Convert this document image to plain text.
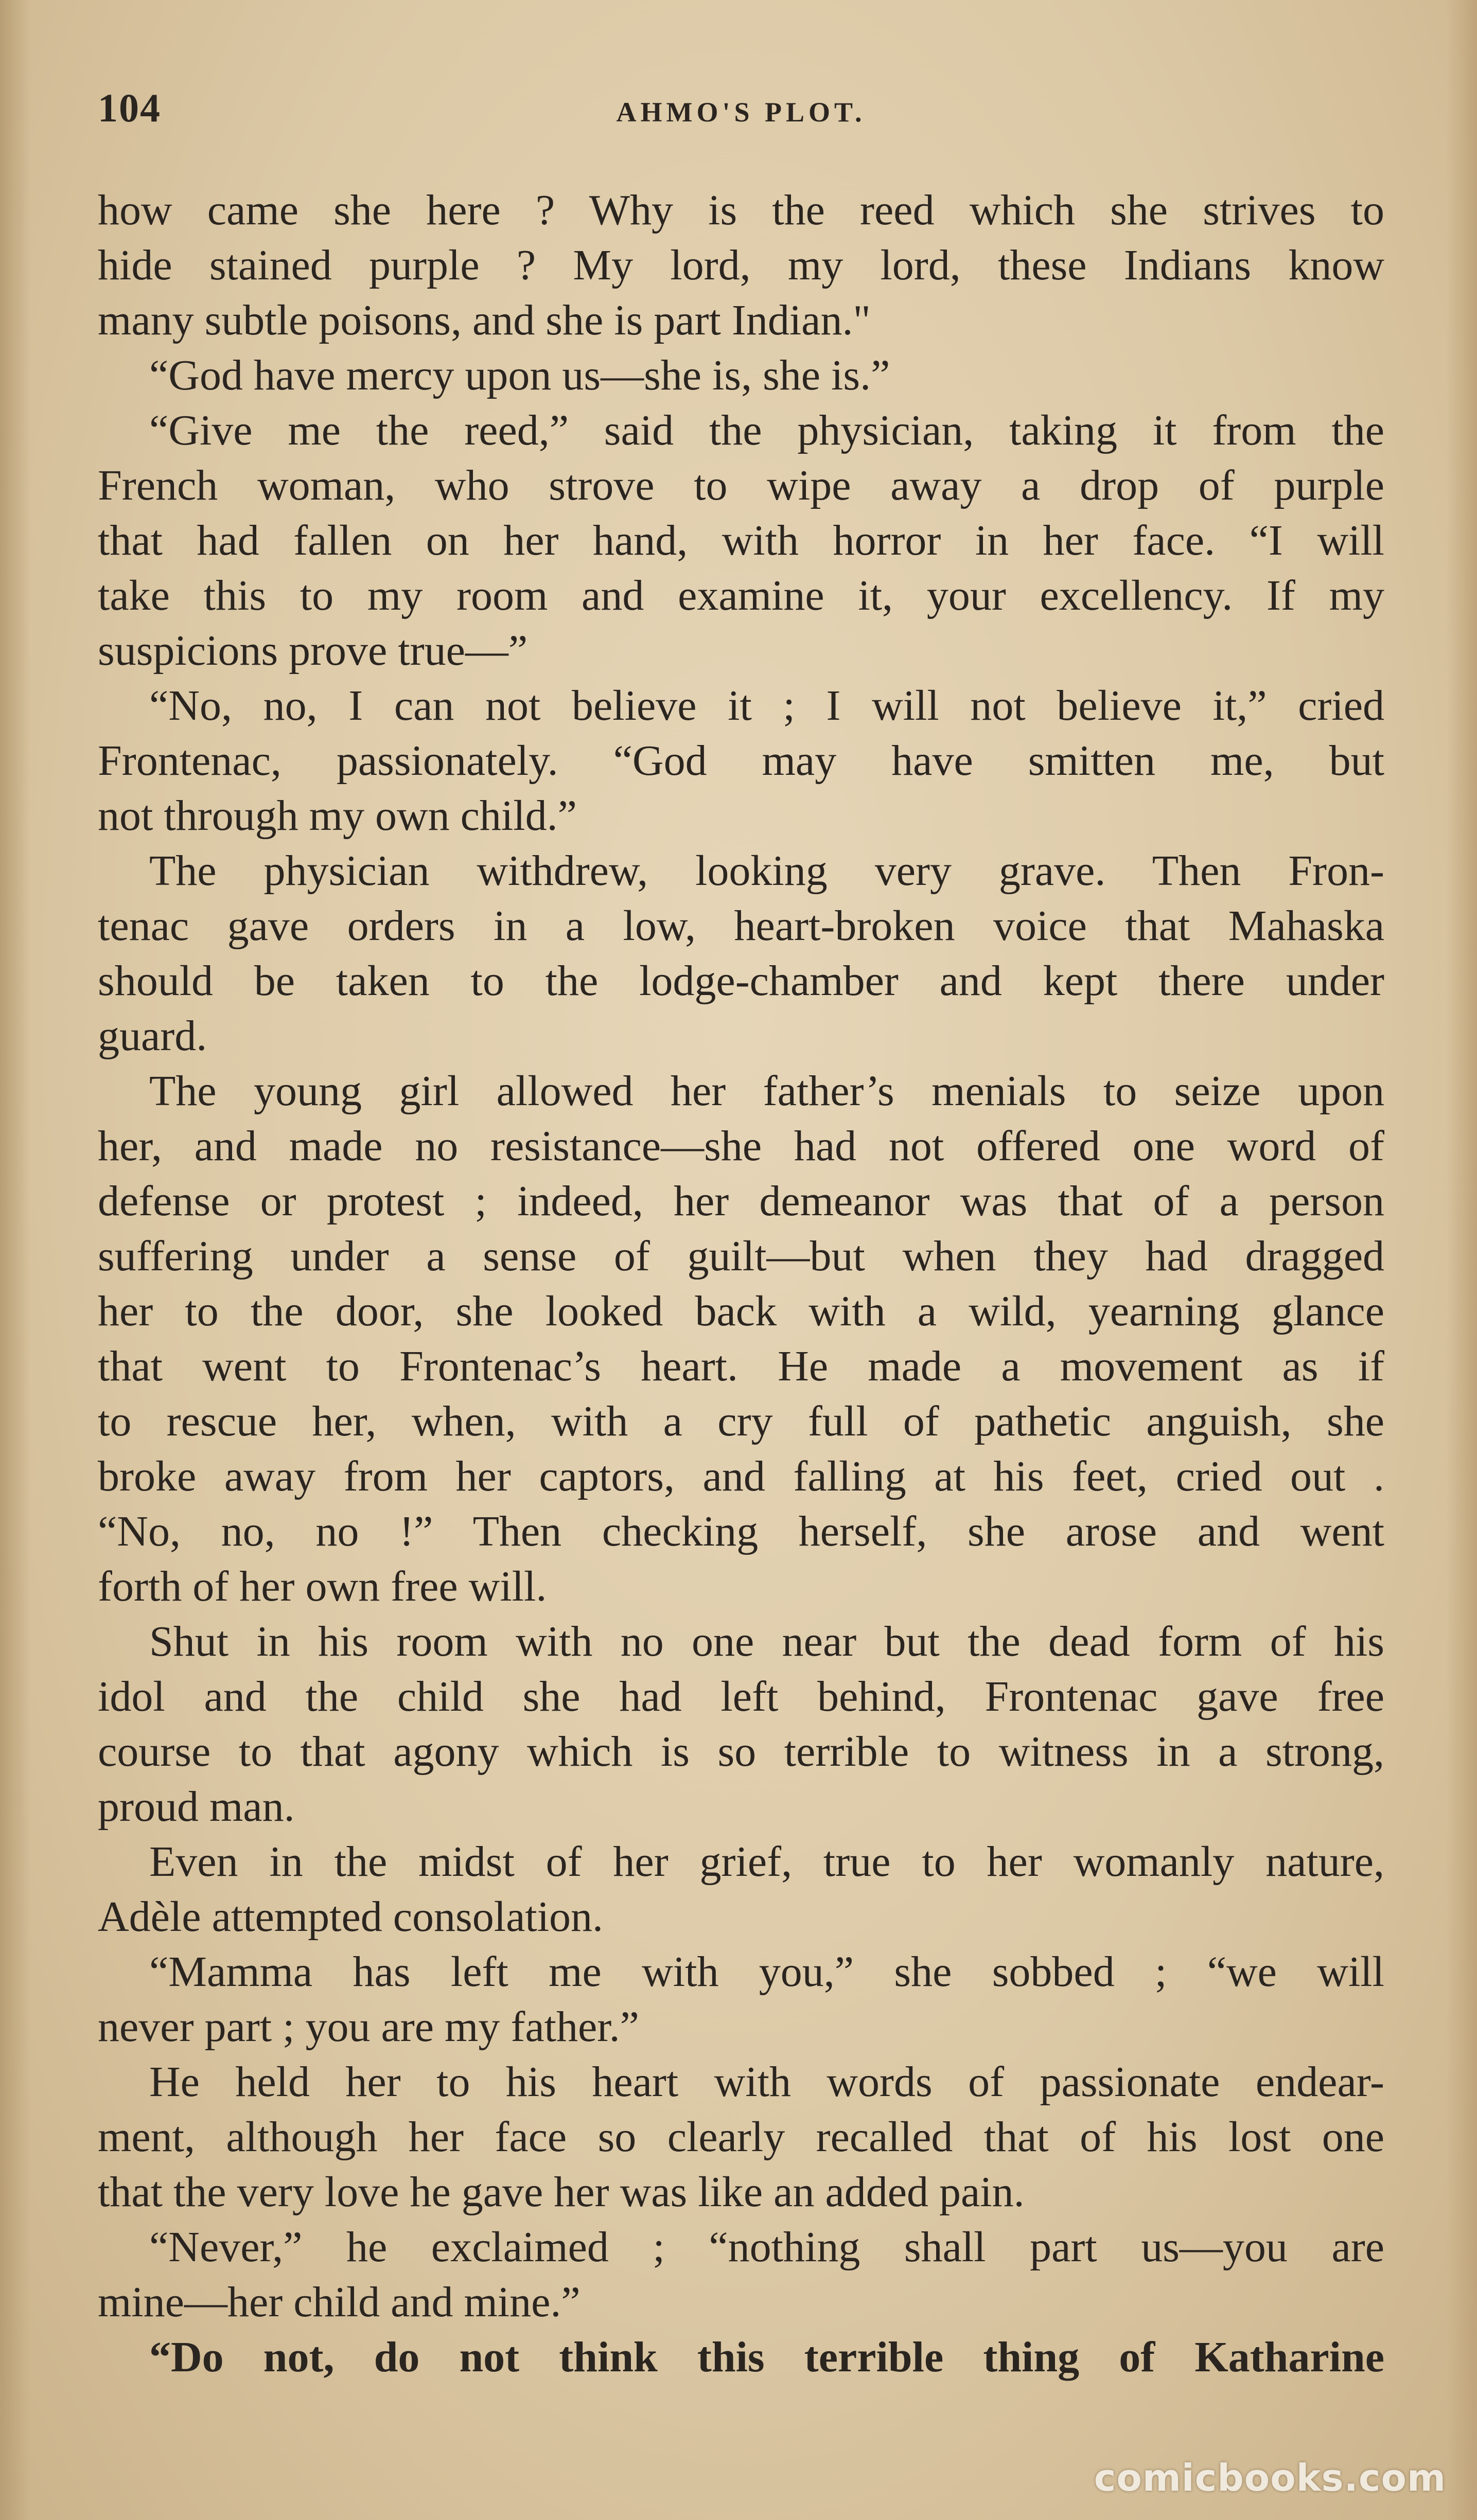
104	AHMO'S PLOT.
how came she here ? Why is the reed which she strives to
hide stained purple ? My lord, my lord, these Indians know
many subtle poisons, and she is part Indian."
“God have mercy upon us—she is, she is.”
“Give me the reed,” said the physician, taking it from the
French woman, who strove to wipe away a drop of purple
that had fallen on her hand, with horror in her face. “I will
take this to my room and examine it, your excellency. If my
suspicions prove true—”
“No, no, I can not believe it ; I will not believe it,” cried
Frontenac, passionately. “God may have smitten me, but
not through my own child.”
The physician withdrew, looking very grave. Then Fron-
tenac gave orders in a low, heart-broken voice that Mahaska
should be taken to the lodge-chamber and kept there under
guard.
The young girl allowed her father’s menials to seize upon
her, and made no resistance—she had not offered one word of
defense or protest ; indeed, her demeanor was that of a person
suffering under a sense of guilt—but when they had dragged
her to the door, she looked back with a wild, yearning glance
that went to Frontenac’s heart. He made a movement as if
to rescue her, when, with a cry full of pathetic anguish, she
broke away from her captors, and falling at his feet, cried out .
“No, no, no !” Then checking herself, she arose and went
forth of her own free will.
Shut in his room with no one near but the dead form of his
idol and the child she had left behind, Frontenac gave free
course to that agony which is so terrible to witness in a strong,
proud man.
Even in the midst of her grief, true to her womanly nature,
Adèle attempted consolation.
“Mamma has left me with you,” she sobbed ; “we will
never part ; you are my father.”
He held her to his heart with words of passionate endear-
ment, although her face so clearly recalled that of his lost one
that the very love he gave her was like an added pain.
“Never,” he exclaimed ; “nothing shall part us—you are
mine—her child and mine.”
“Do not, do not think this terrible thing of Katharine
comicbooks.com
